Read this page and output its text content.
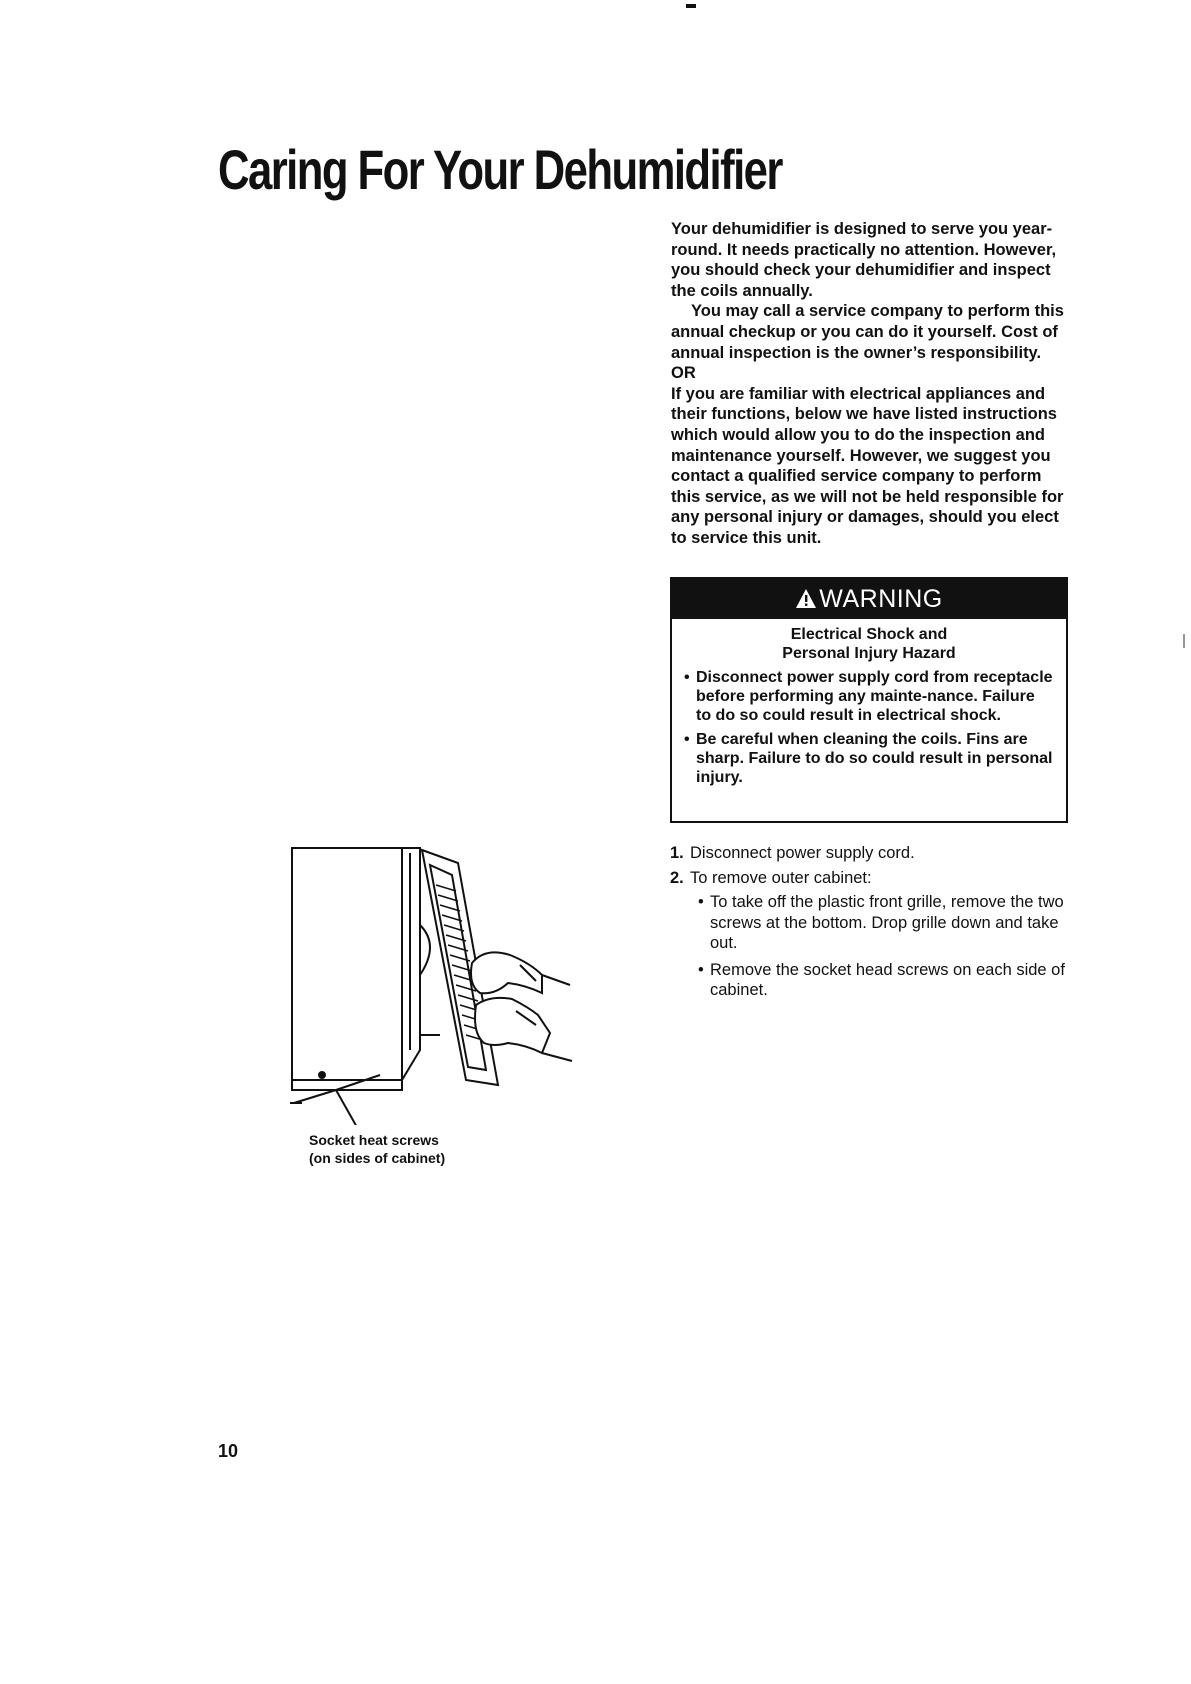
Caring For Your Dehumidifier

Your dehumidifier is designed to serve you year-round. It needs practically no attention. However, you should check your dehumidifier and inspect the coils annually.

You may call a service company to perform this annual checkup or you can do it yourself. Cost of annual inspection is the owner’s responsibility.

OR

If you are familiar with electrical appliances and their functions, below we have listed instructions which would allow you to do the inspection and maintenance yourself. However, we suggest you contact a qualified service company to perform this service, as we will not be held responsible for any personal injury or damages, should you elect to service this unit.

WARNING
Electrical Shock and
Personal Injury Hazard
• Disconnect power supply cord from receptacle before performing any mainte-nance. Failure to do so could result in electrical shock.
• Be careful when cleaning the coils. Fins are sharp. Failure to do so could result in personal injury.
1. Disconnect power supply cord.
2. To remove outer cabinet:
• To take off the plastic front grille, remove the two screws at the bottom. Drop grille down and take out.
• Remove the socket head screws on each side of cabinet.
Socket heat screws
(on sides of cabinet)
10
